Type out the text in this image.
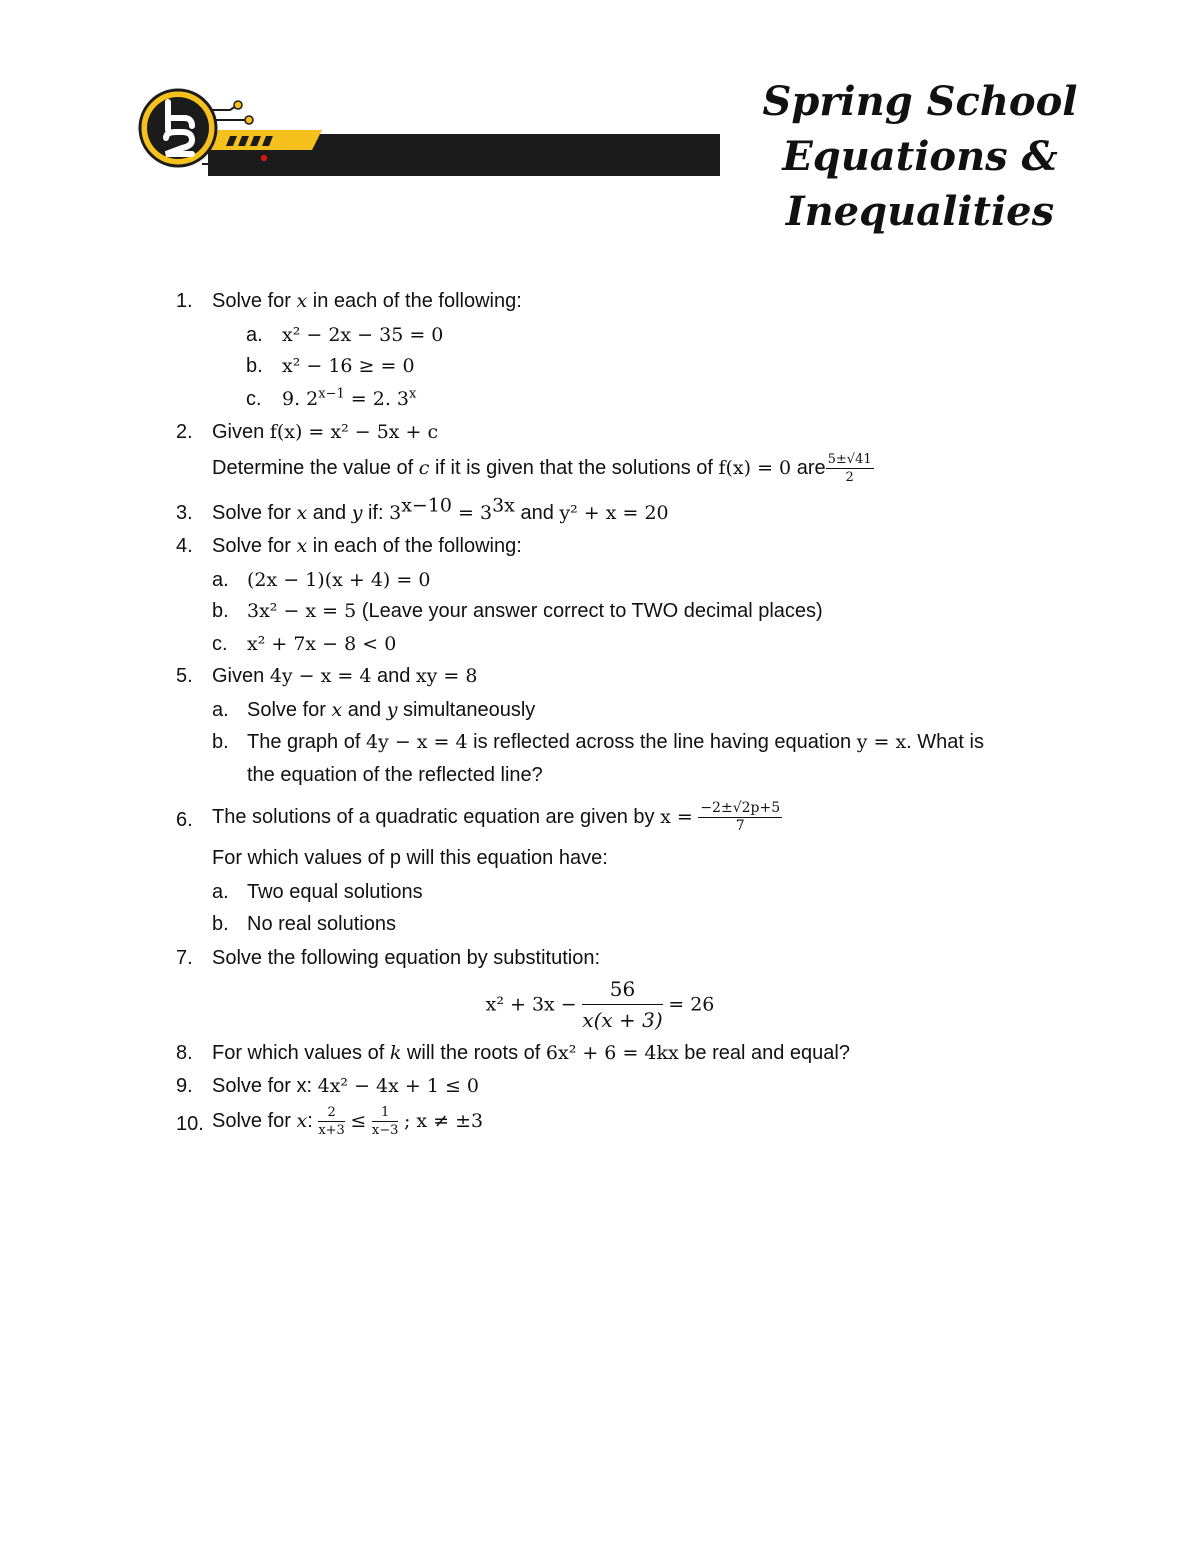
Spring School
Equations &
Inequalities
1. Solve for x in each of the following:
a. x² − 2x − 35 = 0
b. x² − 16 ≥ = 0
c. 9. $2^{x-1} = 2$. 3$^x$
2. Given f(x) = x² − 5x + c
Determine the value of c if it is given that the solutions of f(x) = 0 are $\frac{5\pm√41}{2}$
3. Solve for x and y if: $3^{x-10} = 3^{3x}$ and y² + x = 20
4. Solve for x in each of the following:
a. (2x − 1)(x + 4) = 0
b. 3x² − x = 5 (Leave your answer correct to TWO decimal places)
c. x² + 7x − 8 < 0
5. Given 4y − x = 4 and xy = 8
a. Solve for x and y simultaneously
b. The graph of 4y − x = 4 is reflected across the line having equation y = x. What is
the equation of the reflected line?
6. The solutions of a quadratic equation are given by $x = \frac{-2\pm√2p+5}{7}$
For which values of p will this equation have:
a. Two equal solutions
b. No real solutions
7. Solve the following equation by substitution:
$x^2 + 3x - \frac{56}{x(x + 3)} = 26$
8. For which values of k will the roots of 6x² + 6 = 4kx be real and equal?
9. Solve for x: 4x² − 4x + 1 ≤ 0
10. Solve for x: $\frac{2}{x+3} \le \frac{1}{x-3}$ ; x ≠ ±3
